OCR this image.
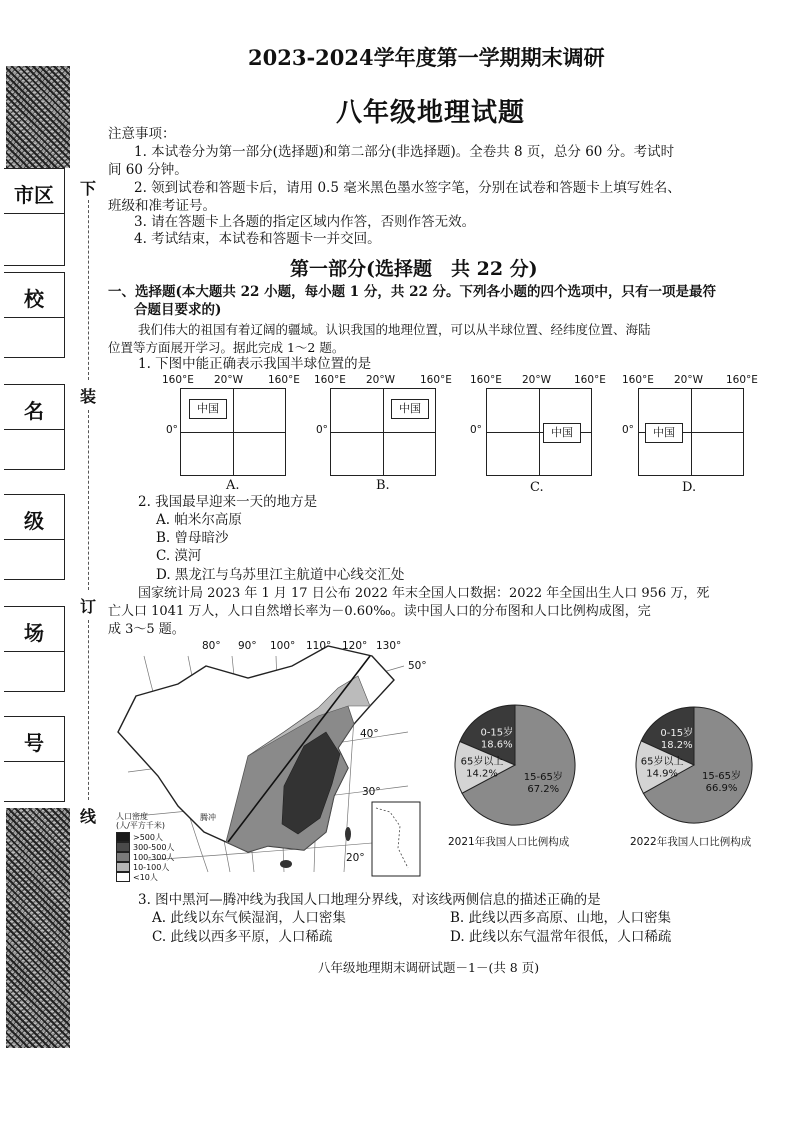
市区
校
名
级
场
号
下
装
订
线
2023-2024学年度第一学期期末调研
八年级地理试题
注意事项：
1. 本试卷分为第一部分(选择题)和第二部分(非选择题)。全卷共 8 页，总分 60 分。考试时
间 60 分钟。
2. 领到试卷和答题卡后，请用 0.5 毫米黑色墨水签字笔，分别在试卷和答题卡上填写姓名、
班级和准考证号。
3. 请在答题卡上各题的指定区域内作答，否则作答无效。
4. 考试结束，本试卷和答题卡一并交回。
第一部分(选择题　共 22 分)
一、选择题(本大题共 22 小题，每小题 1 分，共 22 分。下列各小题的四个选项中，只有一项是最符
合题目要求的)
我们伟大的祖国有着辽阔的疆域。认识我国的地理位置，可以从半球位置、经纬度位置、海陆
位置等方面展开学习。据此完成 1～2 题。
1. 下图中能正确表示我国半球位置的是
160°E 20°W 160°E
0°
中国
A.
160°E 20°W 160°E
0°
中国
B.
160°E 20°W 160°E
0°	中国
C.
160°E 20°W 160°E
0°	中国
D.
2. 我国最早迎来一天的地方是
A. 帕米尔高原
B. 曾母暗沙
C. 漠河
D. 黑龙江与乌苏里江主航道中心线交汇处
国家统计局 2023 年 1 月 17 日公布 2022 年末全国人口数据：2022 年全国出生人口 956 万，死
亡人口 1041 万人，人口自然增长率为－0.60‰。读中国人口的分布图和人口比例构成图，完
成 3～5 题。
80° 90° 100° 110° 120° 130°
50°
40°
30°
20°
腾冲
人口密度
(人/平方千米)
>500人
300-500人
100-300人
10-100人
<10人
0-15岁
18.6%
15-65岁
67.2%
65岁以上
14.2%
2021年我国人口比例构成
0-15岁
18.2%
15-65岁
66.9%
65岁以上
14.9%
2022年我国人口比例构成
3. 图中黑河—腾冲线为我国人口地理分界线，对该线两侧信息的描述正确的是
A. 此线以东气候湿润，人口密集	B. 此线以西多高原、山地，人口密集
C. 此线以西多平原，人口稀疏	D. 此线以东气温常年很低，人口稀疏
八年级地理期末调研试题－1－(共 8 页)
